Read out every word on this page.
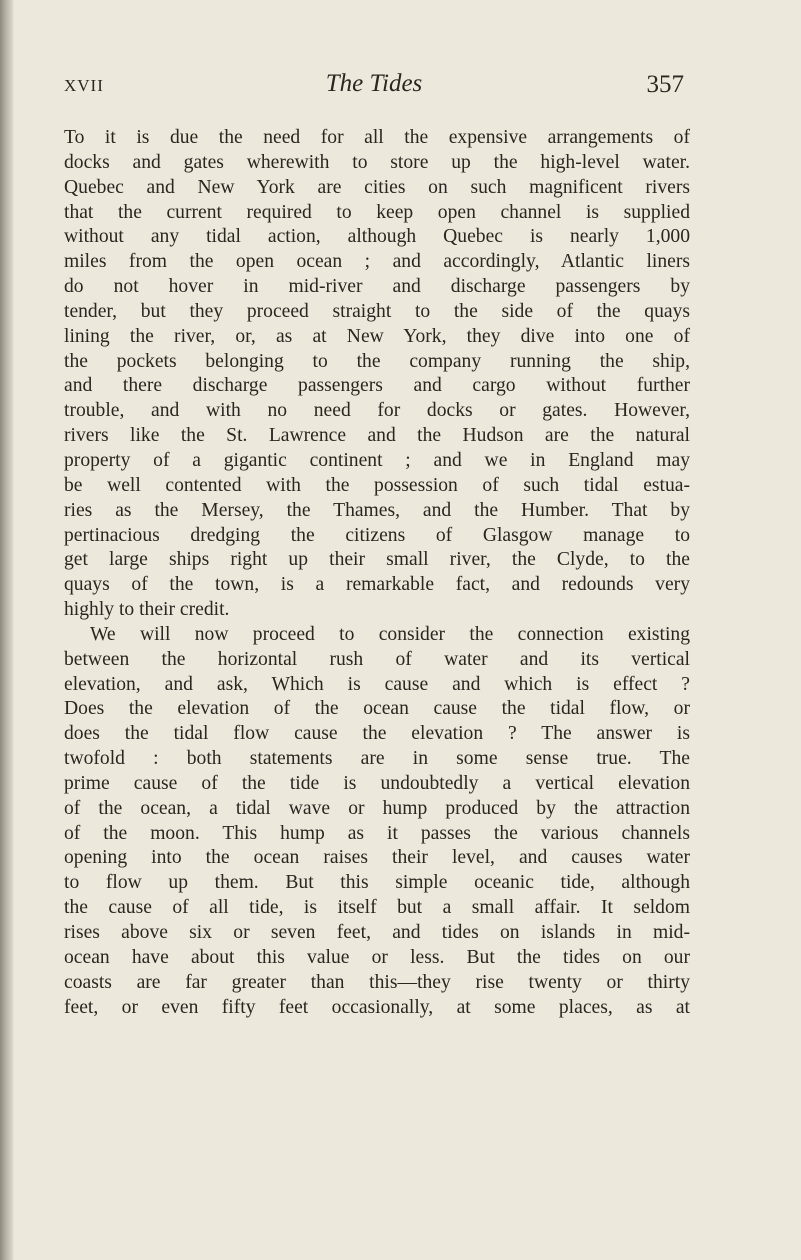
XVII	The Tides	357
To it is due the need for all the expensive arrangements of
docks and gates wherewith to store up the high-level water.
Quebec and New York are cities on such magnificent rivers
that the current required to keep open channel is supplied
without any tidal action, although Quebec is nearly 1,000
miles from the open ocean ; and accordingly, Atlantic liners
do not hover in mid-river and discharge passengers by
tender, but they proceed straight to the side of the quays
lining the river, or, as at New York, they dive into one of
the pockets belonging to the company running the ship,
and there discharge passengers and cargo without further
trouble, and with no need for docks or gates. However,
rivers like the St. Lawrence and the Hudson are the natural
property of a gigantic continent ; and we in England may
be well contented with the possession of such tidal estua-
ries as the Mersey, the Thames, and the Humber. That by
pertinacious dredging the citizens of Glasgow manage to
get large ships right up their small river, the Clyde, to the
quays of the town, is a remarkable fact, and redounds very
highly to their credit.
We will now proceed to consider the connection existing
between the horizontal rush of water and its vertical
elevation, and ask, Which is cause and which is effect ?
Does the elevation of the ocean cause the tidal flow, or
does the tidal flow cause the elevation ? The answer is
twofold : both statements are in some sense true. The
prime cause of the tide is undoubtedly a vertical elevation
of the ocean, a tidal wave or hump produced by the attraction
of the moon. This hump as it passes the various channels
opening into the ocean raises their level, and causes water
to flow up them. But this simple oceanic tide, although
the cause of all tide, is itself but a small affair. It seldom
rises above six or seven feet, and tides on islands in mid-
ocean have about this value or less. But the tides on our
coasts are far greater than this—they rise twenty or thirty
feet, or even fifty feet occasionally, at some places, as at
